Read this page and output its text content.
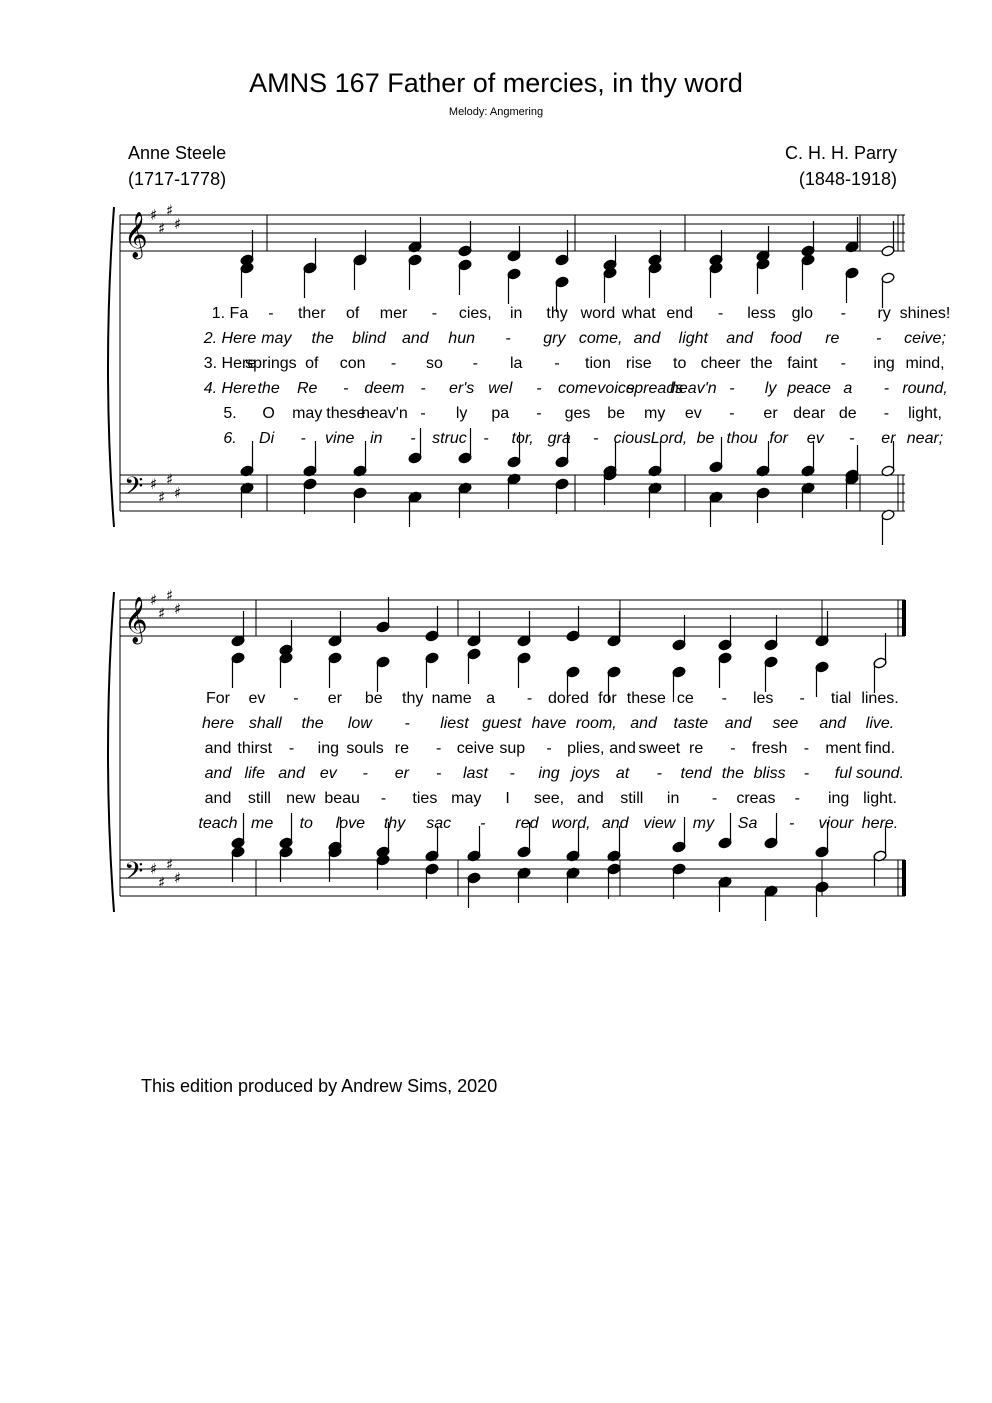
AMNS 167 Father of mercies, in thy word
Melody: Angmering
Anne Steele
(1717-1778)
C. H. H. Parry
(1848-1918)
𝄞 ♯
♯
♯
♯
𝄢 ♯
♯
♯
♯
1. Fa - ther of mer - cies, in thy word what end - less glo - ry shines!
2. Here may the blind and hun - gry come, and light and food re - ceive;
3. Here
springs of con - so - la - tion rise to cheer the faint - ing mind,
4. Here the Re - deem - er's wel - come voice
spreads
heav'n - ly peace a - round,
5. O may these
heav'n - ly pa - ges be my ev - er dear de - light,
6. Di - vine in - struc - tor, gra - cious Lord, be thou for ev - er near;
𝄞 ♯
♯
♯
♯
𝄢 ♯
♯
♯
♯
For ev - er be thy name a - dored for these ce - les - tial lines.
here shall the low - liest guest have room, and taste and see and live.
and thirst - ing souls re - ceive sup - plies, and sweet re - fresh - ment find.
and life and ev - er - last - ing joys at - tend the bliss - ful sound.
and still new beau - ties may I see, and still in - creas - ing light.
teach me to love thy sac - red word, and view my Sa - viour here.
This edition produced by Andrew Sims, 2020
